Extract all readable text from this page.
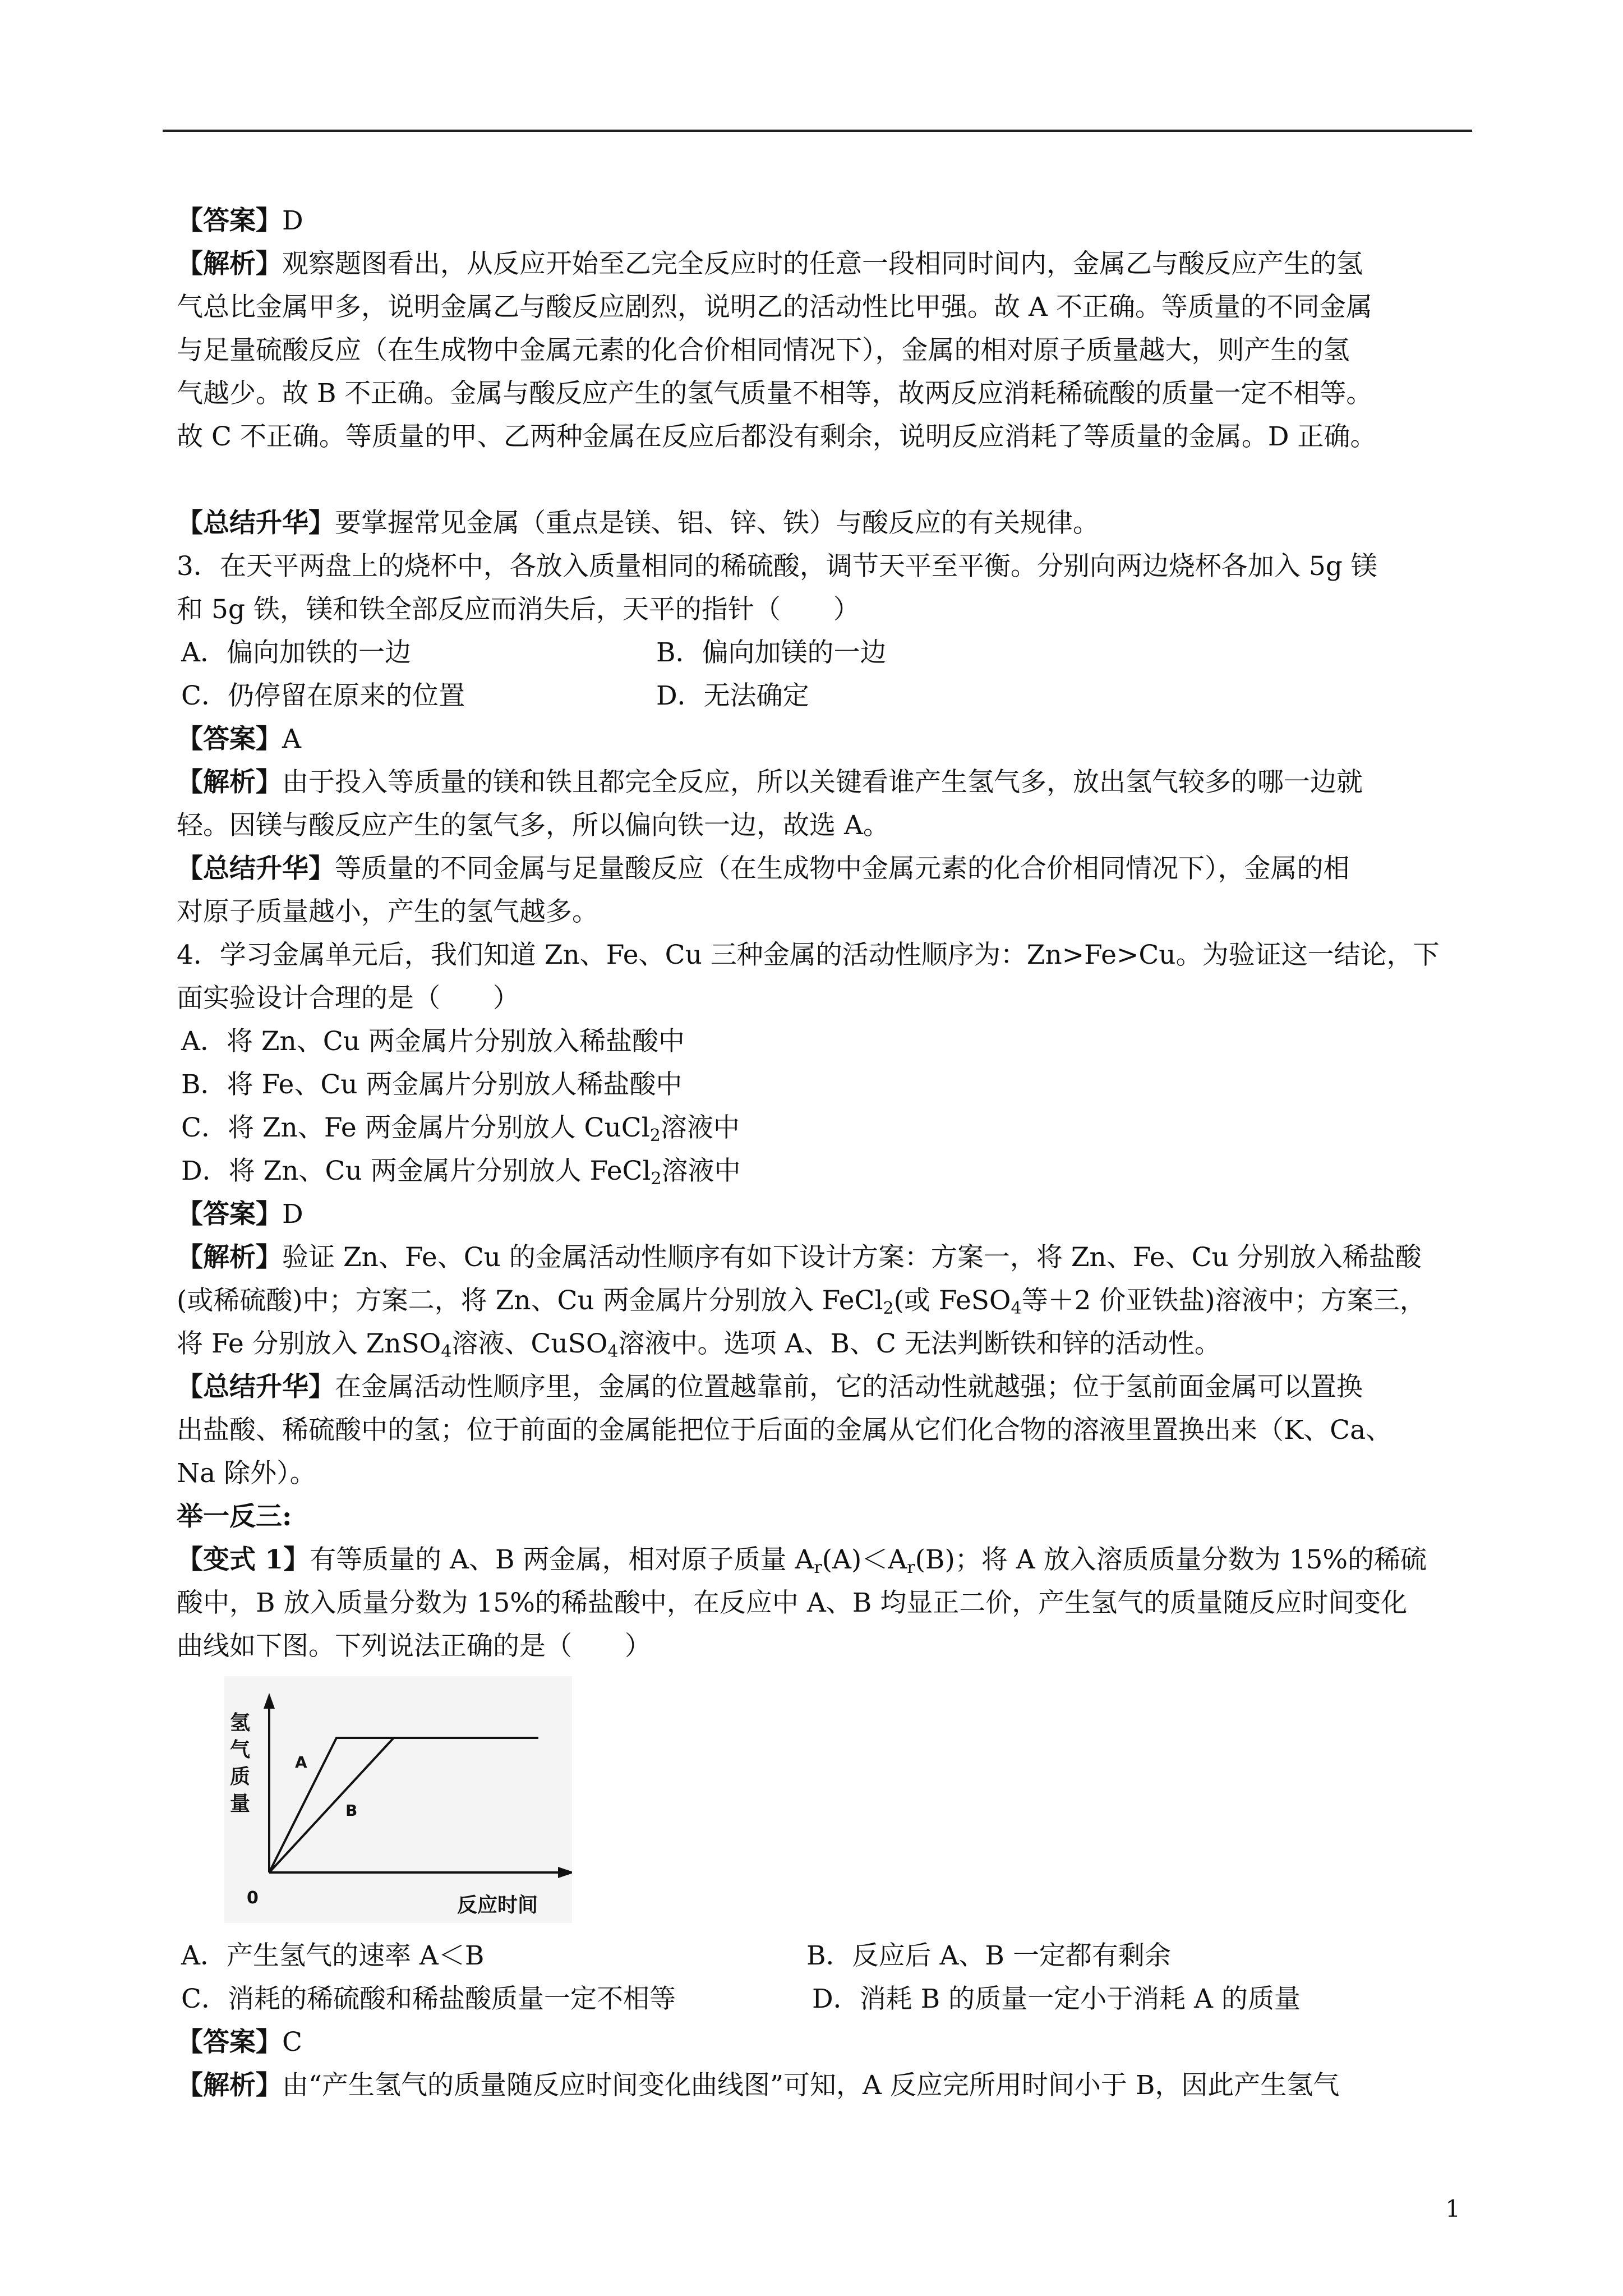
【答案】D

【解析】观察题图看出，从反应开始至乙完全反应时的任意一段相同时间内，金属乙与酸反应产生的氢

气总比金属甲多，说明金属乙与酸反应剧烈，说明乙的活动性比甲强。故 A 不正确。等质量的不同金属

与足量硫酸反应（在生成物中金属元素的化合价相同情况下），金属的相对原子质量越大，则产生的氢

气越少。故 B 不正确。金属与酸反应产生的氢气质量不相等，故两反应消耗稀硫酸的质量一定不相等。

故 C 不正确。等质量的甲、乙两种金属在反应后都没有剩余，说明反应消耗了等质量的金属。D 正确。

【总结升华】要掌握常见金属（重点是镁、铝、锌、铁）与酸反应的有关规律。

3．在天平两盘上的烧杯中，各放入质量相同的稀硫酸，调节天平至平衡。分别向两边烧杯各加入 5g 镁

和 5g 铁，镁和铁全部反应而消失后，天平的指针（　　）

A．偏向加铁的一边	B．偏向加镁的一边
C．仍停留在原来的位置	D．无法确定

【答案】A

【解析】由于投入等质量的镁和铁且都完全反应，所以关键看谁产生氢气多，放出氢气较多的哪一边就

轻。因镁与酸反应产生的氢气多，所以偏向铁一边，故选 A。

【总结升华】等质量的不同金属与足量酸反应（在生成物中金属元素的化合价相同情况下），金属的相

对原子质量越小，产生的氢气越多。

4．学习金属单元后，我们知道 Zn、Fe、Cu 三种金属的活动性顺序为：Zn>Fe>Cu。为验证这一结论，下

面实验设计合理的是（　　）

A．将 Zn、Cu 两金属片分别放入稀盐酸中

B．将 Fe、Cu 两金属片分别放人稀盐酸中

C．将 Zn、Fe 两金属片分别放人 CuCl$_2$溶液中

D．将 Zn、Cu 两金属片分别放人 FeCl$_2$溶液中

【答案】D

【解析】验证 Zn、Fe、Cu 的金属活动性顺序有如下设计方案：方案一，将 Zn、Fe、Cu 分别放入稀盐酸

(或稀硫酸)中；方案二，将 Zn、Cu 两金属片分别放入 FeCl$_2$(或 FeSO$_4$等＋2 价亚铁盐)溶液中；方案三，

将 Fe 分别放入 ZnSO$_4$溶液、CuSO$_4$溶液中。选项 A、B、C 无法判断铁和锌的活动性。

【总结升华】在金属活动性顺序里，金属的位置越靠前，它的活动性就越强；位于氢前面金属可以置换

出盐酸、稀硫酸中的氢；位于前面的金属能把位于后面的金属从它们化合物的溶液里置换出来（K、Ca、

Na 除外）。

举一反三:

【变式 1】有等质量的 A、B 两金属，相对原子质量 $A_r(A)<A_r(B)$；将 A 放入溶质质量分数为 15%的稀硫

酸中，B 放入质量分数为 15%的稀盐酸中，在反应中 A、B 均显正二价，产生氢气的质量随反应时间变化

曲线如下图。下列说法正确的是（　　）

A
B
0
氢
气
质
量
反应时间
A．产生氢气的速率 A＜B	B．反应后 A、B 一定都有剩余
C．消耗的稀硫酸和稀盐酸质量一定不相等	D．消耗 B 的质量一定小于消耗 A 的质量

【答案】C

【解析】由“产生氢气的质量随反应时间变化曲线图”可知，A 反应完所用时间小于 B，因此产生氢气

1
